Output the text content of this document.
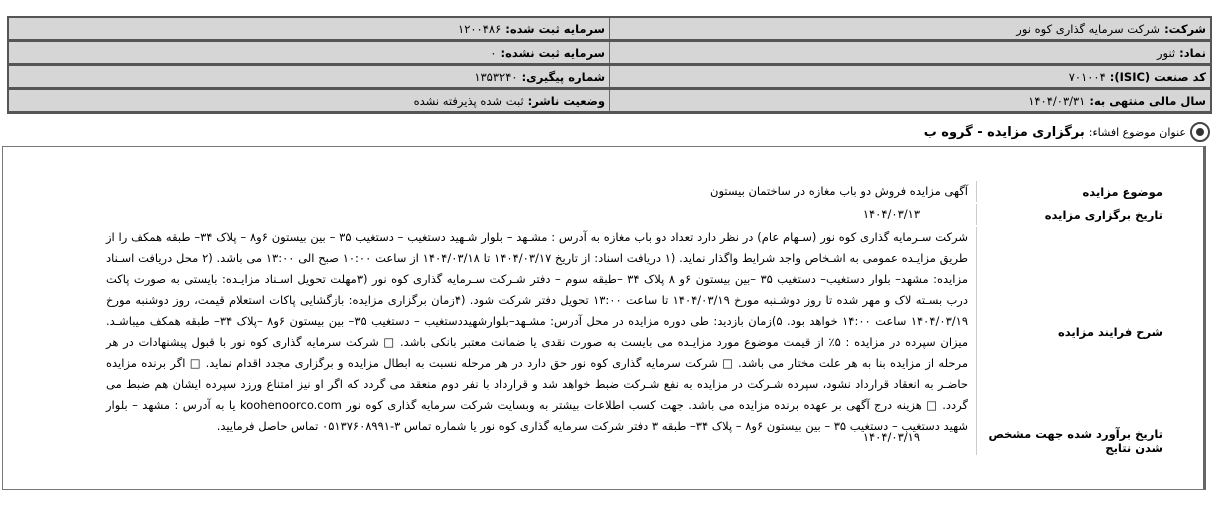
شرکت:شرکت سرمایه گذاری کوه نور	سرمایه ثبت شده:۱۲۰۰۴۸۶
نماد:ثنور	سرمایه ثبت نشده:۰
کد صنعت (ISIC):۷۰۱۰۰۴	شماره پیگیری:۱۳۵۳۲۴۰
سال مالی منتهی به:۱۴۰۴/۰۳/۳۱	وضعیت ناشر:ثبت شده پذیرفته نشده
عنوان موضوع افشاء:
برگزاری مزایده - گروه ب
موضوع مزایده
آگهی مزایده فروش دو باب مغازه در ساختمان بیستون
تاریخ برگزاری مزایده
۱۴۰۴/۰۳/۱۳
شرح فرایند مزایده
شرکت سـرمایه گذاری کوه نور (سـهام عام) در نظر دارد تعداد دو باب مغازه به آدرس : مشـهد – بلوار شـهید دستغیب – دستغیب ۳۵ – بین بیستون ۶و۸ – پلاک ۳۴– طبقه همکف را از طریق مزایـده عمومی به اشـخاص واجد شرایط واگذار نماید. (۱ دریافت اسناد: از تاریخ ۱۴۰۴/۰۳/۱۷ تا ۱۴۰۴/۰۳/۱۸ از ساعت ۱۰:۰۰ صبح الی ۱۳:۰۰ می باشد. (۲ محل دریافت اسـناد مزایده: مشهد– بلوار دستغیب– دستغیب ۳۵ –بین بیستون ۶و ۸ پلاک ۳۴ –طبقه سوم – دفتر شـرکت سـرمایه گذاری کوه نور (۳مهلت تحویل اسـناد مزایـده: بایستی به صورت پاکت درب بسـته لاک و مهر شده تا روز دوشـنبه مورخ ۱۴۰۴/۰۳/۱۹ تا ساعت ۱۳:۰۰ تحویل دفتر شرکت شود. (۴زمان برگزاری مزایده: بازگشایی پاکات استعلام قیمت، روز دوشنبه مورخ ۱۴۰۴/۰۳/۱۹ ساعت ۱۴:۰۰ خواهد بود. ۵)زمان بازدید: طی دوره مزایده در محل آدرس: مشـهد–بلوارشهیددستغیب – دستغیب ۳۵– بین بیستون ۶و۸ –پلاک ۳۴– طبقه همکف میباشـد. میزان سپرده در مزایده : ۵٪ از قیمت موضوع مورد مزایـده می بایست به صورت نقدی یا ضمانت معتبر بانکی باشد. □ شرکت سرمایه گذاری کوه نور با قبول پیشنهادات در هر مرحله از مزایده بنا به هر علت مختار می باشد. □ شرکت سرمایه گذاری کوه نور حق دارد در هر مرحله نسبت به ابطال مزایده و برگزاری مجدد اقدام نماید. □ اگر برنده مزایده حاضـر به انعقاد قرارداد نشود، سپرده شـرکت در مزایده به نفع شـرکت ضبط خواهد شد و قرارداد با نفر دوم منعقد می گردد که اگر او نیز امتناع ورزد سپرده ایشان هم ضبط می گردد. □ هزینه درج آگهی بر عهده برنده مزایده می باشد. جهت کسب اطلاعات بیشتر به وبسایت شرکت سرمایه گذاری کوه نور koohenoorco.com یا به آدرس : مشهد – بلوار شهید دستغیب – دستغیب ۳۵ – بین بیستون ۶و۸ – پلاک ۳۴– طبقه ۳ دفتر شرکت سرمایه گذاری کوه نور یا شماره تماس ۳-۰۵۱۳۷۶۰۸۹۹۱ تماس حاصل فرمایید.
تاریخ برآورد شده جهت مشخص شدن نتایج
۱۴۰۴/۰۳/۱۹
